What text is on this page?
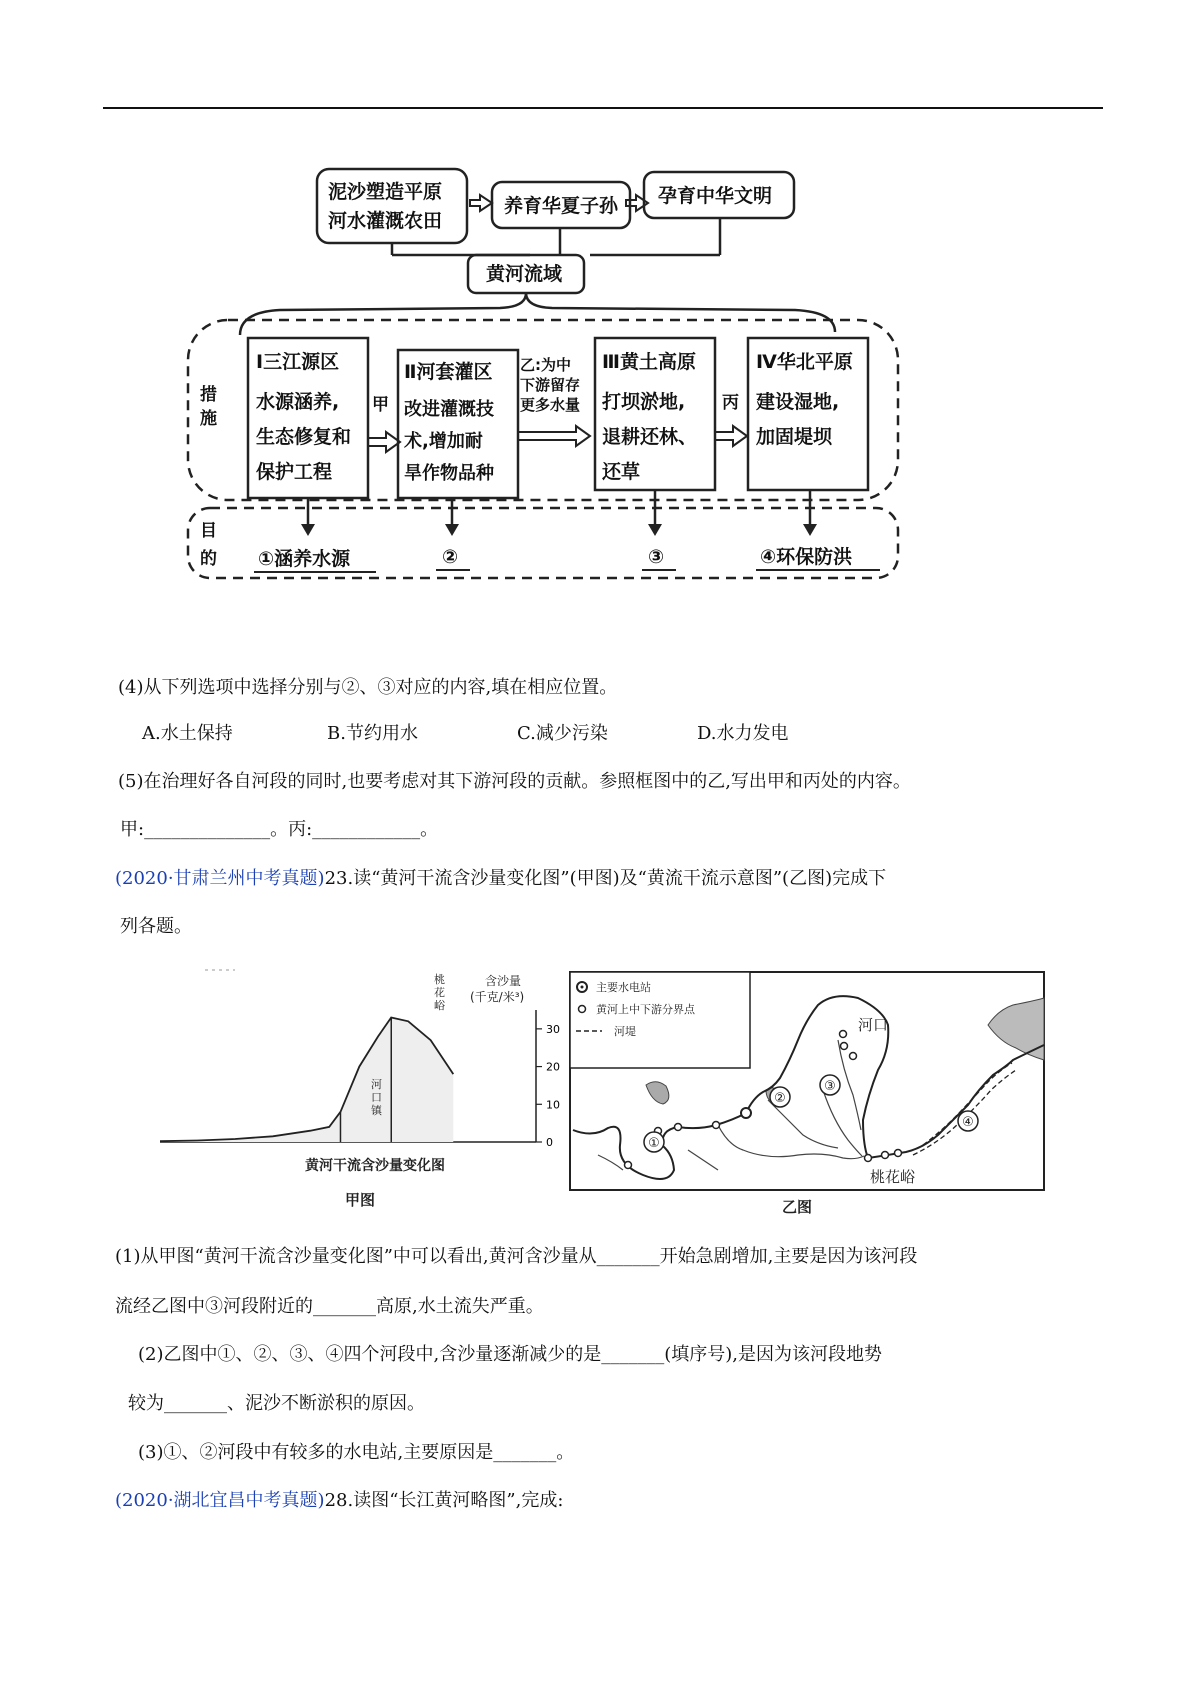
泥沙塑造平原
河水灌溉农田
养育华夏子孙 孕育中华文明
黄河流域
措
施
目
的
Ⅰ三江源区
水源涵养,
生态修复和
保护工程
Ⅱ河套灌区
改进灌溉技
术,增加耐
旱作物品种
Ⅲ黄土高原
打坝淤地,
退耕还林、
还草
Ⅳ华北平原
建设湿地,
加固堤坝
甲
乙:为中
下游留存
更多水量	丙
①涵养水源	②	③	④环保防洪
(4)从下列选项中选择分别与②、③对应的内容,填在相应位置。
A.水土保持	B.节约用水	C.减少污染	D.水力发电
(5)在治理好各自河段的同时,也要考虑对其下游河段的贡献。参照框图中的乙,写出甲和丙处的内容。
甲:______________。丙:____________。
(2020·甘肃兰州中考真题)23.读“黄河干流含沙量变化图”(甲图)及“黄流干流示意图”(乙图)完成下
列各题。
0
10
20
30
桃
花
峪
河
口
镇
含沙量
(千克/米³)
黄河干流含沙量变化图
甲图
主要水电站
黄河上中下游分界点
河堤
①
②
③
④
河口
桃花峪
乙图
(1)从甲图“黄河干流含沙量变化图”中可以看出,黄河含沙量从_______开始急剧增加,主要是因为该河段
流经乙图中③河段附近的_______高原,水土流失严重。
(2)乙图中①、②、③、④四个河段中,含沙量逐渐减少的是_______(填序号),是因为该河段地势
较为_______、泥沙不断淤积的原因。
(3)①、②河段中有较多的水电站,主要原因是_______。
(2020·湖北宜昌中考真题)28.读图“长江黄河略图”,完成:
